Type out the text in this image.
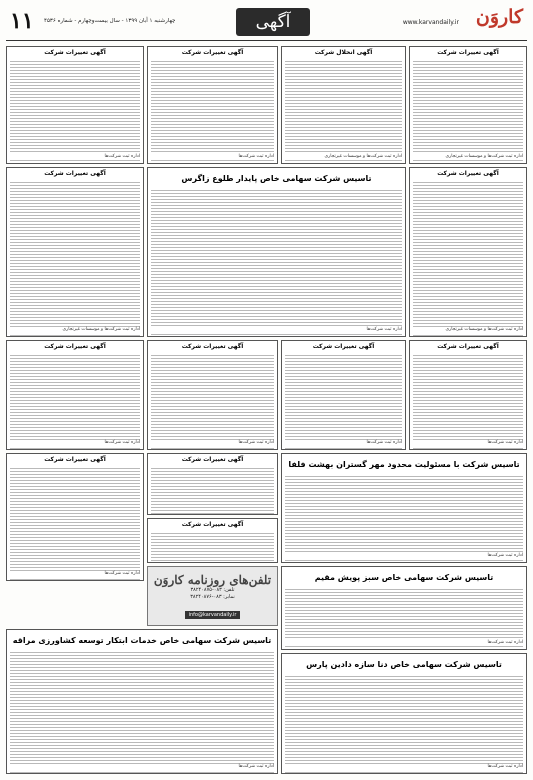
۱۱ چهارشنبه ۱ آبان ۱۳۹۹ - سال بیست‌وچهارم - شماره ۴۵۳۶	آگهی	www.karvandaily.ir کاروَن
آگهی تغییرات شرکت
اداره ثبت شرکت‌ها و موسسات غیرتجاری
آگهی انحلال شرکت
اداره ثبت شرکت‌ها و موسسات غیرتجاری
آگهی تغییرات شرکت
اداره ثبت شرکت‌ها
آگهی تغییرات شرکت
اداره ثبت شرکت‌ها
آگهی تغییرات شرکت
اداره ثبت شرکت‌ها و موسسات غیرتجاری
تاسیس شرکت سهامی خاص پایدار طلوع زاگرس
اداره ثبت شرکت‌ها
آگهی تغییرات شرکت
اداره ثبت شرکت‌ها و موسسات غیرتجاری
آگهی تغییرات شرکت
اداره ثبت شرکت‌ها
آگهی تغییرات شرکت
اداره ثبت شرکت‌ها
آگهی تغییرات شرکت
اداره ثبت شرکت‌ها
آگهی تغییرات شرکت
اداره ثبت شرکت‌ها
آگهی تغییرات شرکت
تاسیس شرکت با مسئولیت محدود مهر گستران بهشت فلفا
اداره ثبت شرکت‌ها
آگهی تغییرات شرکت
آگهی تغییرات شرکت
اداره ثبت شرکت‌ها	تلفن‌های روزنامه کاروَن
تلفن: ۰۸۳-۳۸۲۴۰۸۷۵
نمابر: ۰۸۳-۳۸۲۴۰۸۷۶
info@karvandaily.ir
تاسیس شرکت سهامی خاص سبز پویش مقیم
اداره ثبت شرکت‌ها
تاسیس شرکت سهامی خاص خدمات ابتکار توسعه کشاورزی مراقه
اداره ثبت شرکت‌ها
تاسیس شرکت سهامی خاص دنا سازه دادین پارس
اداره ثبت شرکت‌ها
